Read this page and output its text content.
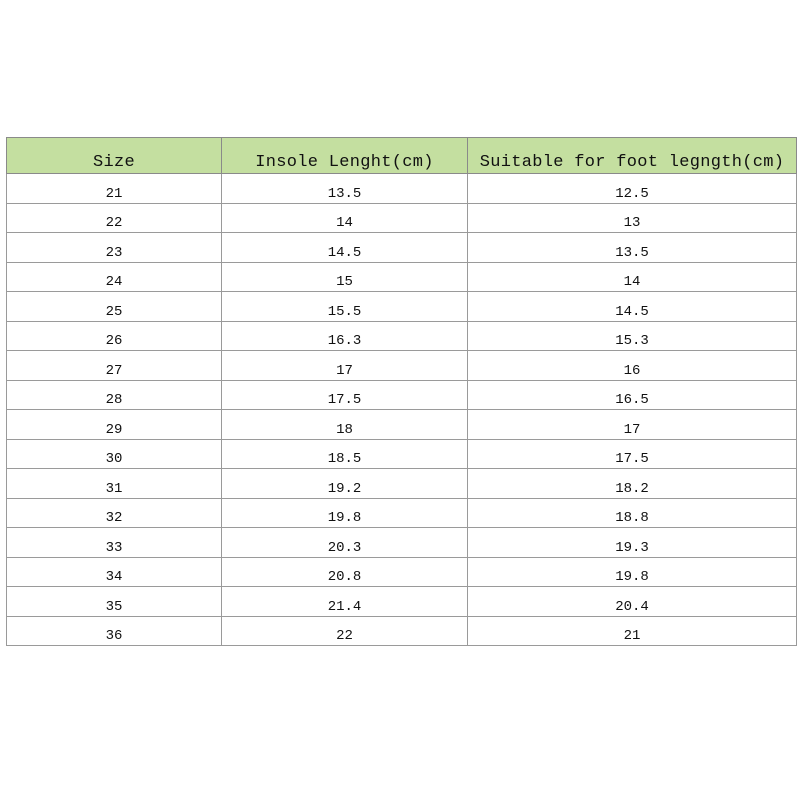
Size	Insole Lenght(cm)	Suitable for foot legngth(cm)
21	13.5	12.5
22	14	13
23	14.5	13.5
24	15	14
25	15.5	14.5
26	16.3	15.3
27	17	16
28	17.5	16.5
29	18	17
30	18.5	17.5
31	19.2	18.2
32	19.8	18.8
33	20.3	19.3
34	20.8	19.8
35	21.4	20.4
36	22	21
